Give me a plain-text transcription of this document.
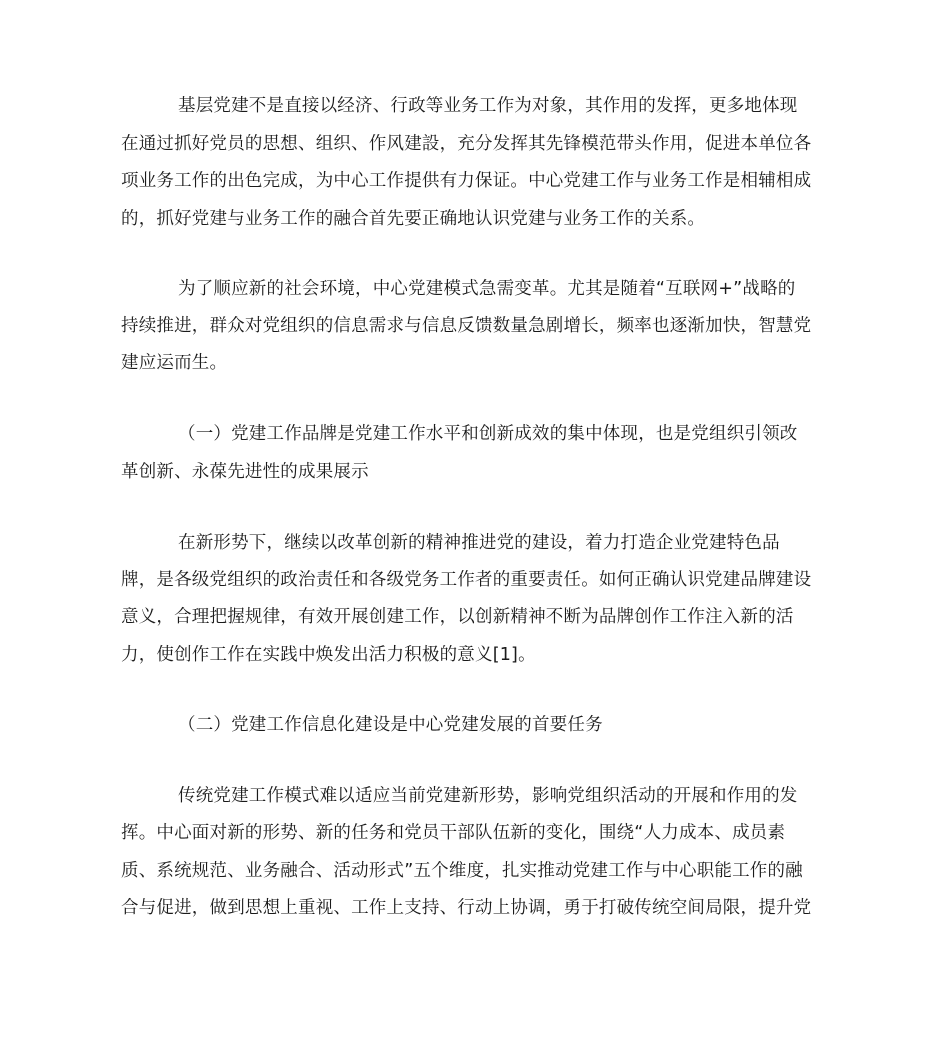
基层党建不是直接以经济、行政等业务工作为对象，其作用的发挥，更多地体现
在通过抓好党员的思想、组织、作风建設，充分发挥其先锋模范带头作用，促进本单位各
项业务工作的出色完成，为中心工作提供有力保证。中心党建工作与业务工作是相辅相成
的，抓好党建与业务工作的融合首先要正确地认识党建与业务工作的关系。
为了顺应新的社会环境，中心党建模式急需变革。尤其是随着“互联网+”战略的
持续推进，群众对党组织的信息需求与信息反馈数量急剧增长，频率也逐渐加快，智慧党
建应运而生。
（一）党建工作品牌是党建工作水平和创新成效的集中体现，也是党组织引领改
革创新、永葆先进性的成果展示
在新形势下，继续以改革创新的精神推进党的建设，着力打造企业党建特色品
牌，是各级党组织的政治责任和各级党务工作者的重要责任。如何正确认识党建品牌建设
意义，合理把握规律，有效开展创建工作，以创新精神不断为品牌创作工作注入新的活
力，使创作工作在实践中焕发出活力积极的意义[1]。
（二）党建工作信息化建设是中心党建发展的首要任务
传统党建工作模式难以适应当前党建新形势，影响党组织活动的开展和作用的发
挥。中心面对新的形势、新的任务和党员干部队伍新的变化，围绕“人力成本、成员素
质、系统规范、业务融合、活动形式”五个维度，扎实推动党建工作与中心职能工作的融
合与促进，做到思想上重视、工作上支持、行动上协调，勇于打破传统空间局限，提升党
